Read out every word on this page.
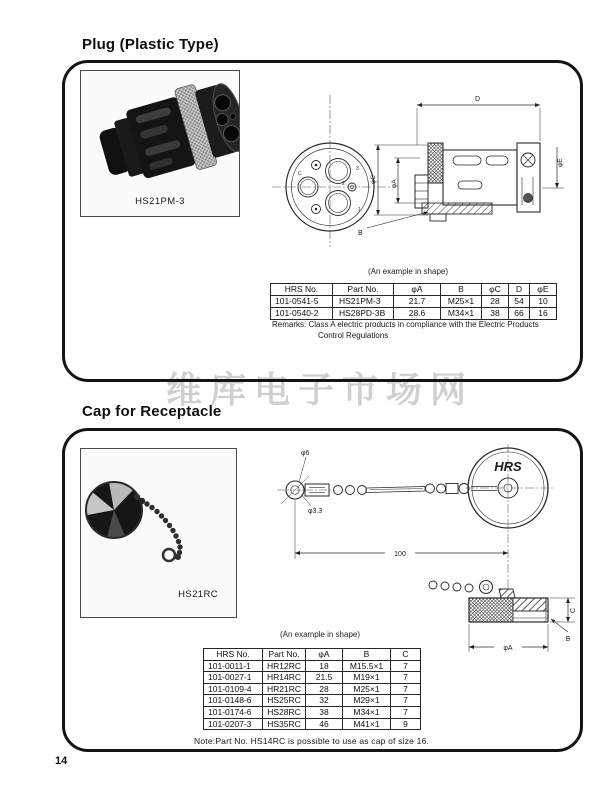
维库电子市场网
Plug (Plastic Type)
HS21PM-3
C
3
2
1
D
φC φA
B
φE
(An example in shape)
HRS No.	Part No.	φA	B	φC	D	φE
101-0541-5	HS21PM-3	21.7	M25×1	28	54	10
101-0540-2	HS28PD-3B	28.6	M34×1	38	66	16
Remarks: Class A electric products in compliance with the Electric Products
Control Regulations
Cap for Receptacle
HS21RC
φ6
φ3.3
HRS
100
φA
C
B
(An example in shape)
HRS No.	Part No.	φA	B	C
101-0011-1	HR12RC	18	M15.5×1	7
101-0027-1	HR14RC	21.5	M19×1	7
101-0109-4	HR21RC	28	M25×1	7
101-0148-6	HS25RC	32	M29×1	7
101-0174-6	HS28RC	38	M34×1	7
101-0207-3	HS35RC	46	M41×1	9
Note:Part No. HS14RC is possible to use as cap of size 16.
14
